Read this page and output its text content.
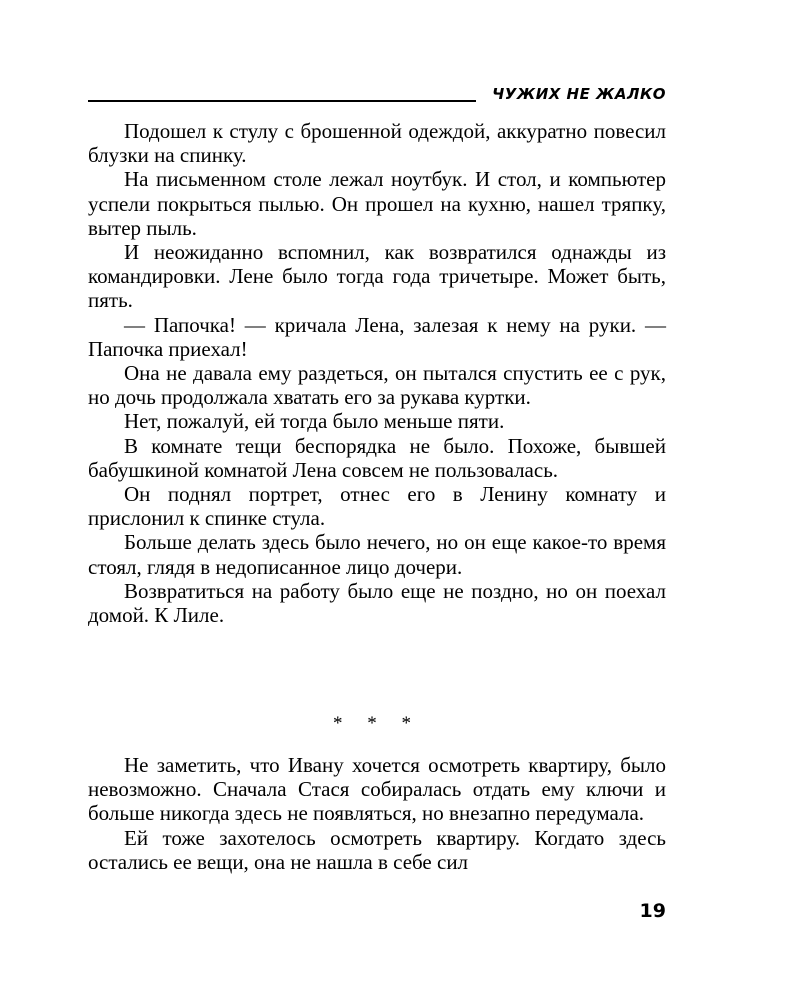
ЧУЖИХ НЕ ЖАЛКО

Подошел к стулу с брошенной одеждой, аккуратно повесил блузки на спинку.

На письменном столе лежал ноутбук. И стол, и компьютер успели покрыться пылью. Он прошел на кухню, нашел тряпку, вытер пыль.

И неожиданно вспомнил, как возвратился однажды из командировки. Лене было тогда года тричетыре. Может быть, пять.

— Папочка! — кричала Лена, залезая к нему на руки. — Папочка приехал!

Она не давала ему раздеться, он пытался спустить ее с рук, но дочь продолжала хватать его за рукава куртки.

Нет, пожалуй, ей тогда было меньше пяти.

В комнате тещи беспорядка не было. Похоже, бывшей бабушкиной комнатой Лена совсем не пользовалась.

Он поднял портрет, отнес его в Ленину комнату и прислонил к спинке стула.

Больше делать здесь было нечего, но он еще какое-то время стоял, глядя в недописанное лицо дочери.

Возвратиться на работу было еще не поздно, но он поехал домой. К Лиле.

* * *

Не заметить, что Ивану хочется осмотреть квартиру, было невозможно. Сначала Стася собиралась отдать ему ключи и больше никогда здесь не появляться, но внезапно передумала.

Ей тоже захотелось осмотреть квартиру. Когдато здесь остались ее вещи, она не нашла в себе сил

19
